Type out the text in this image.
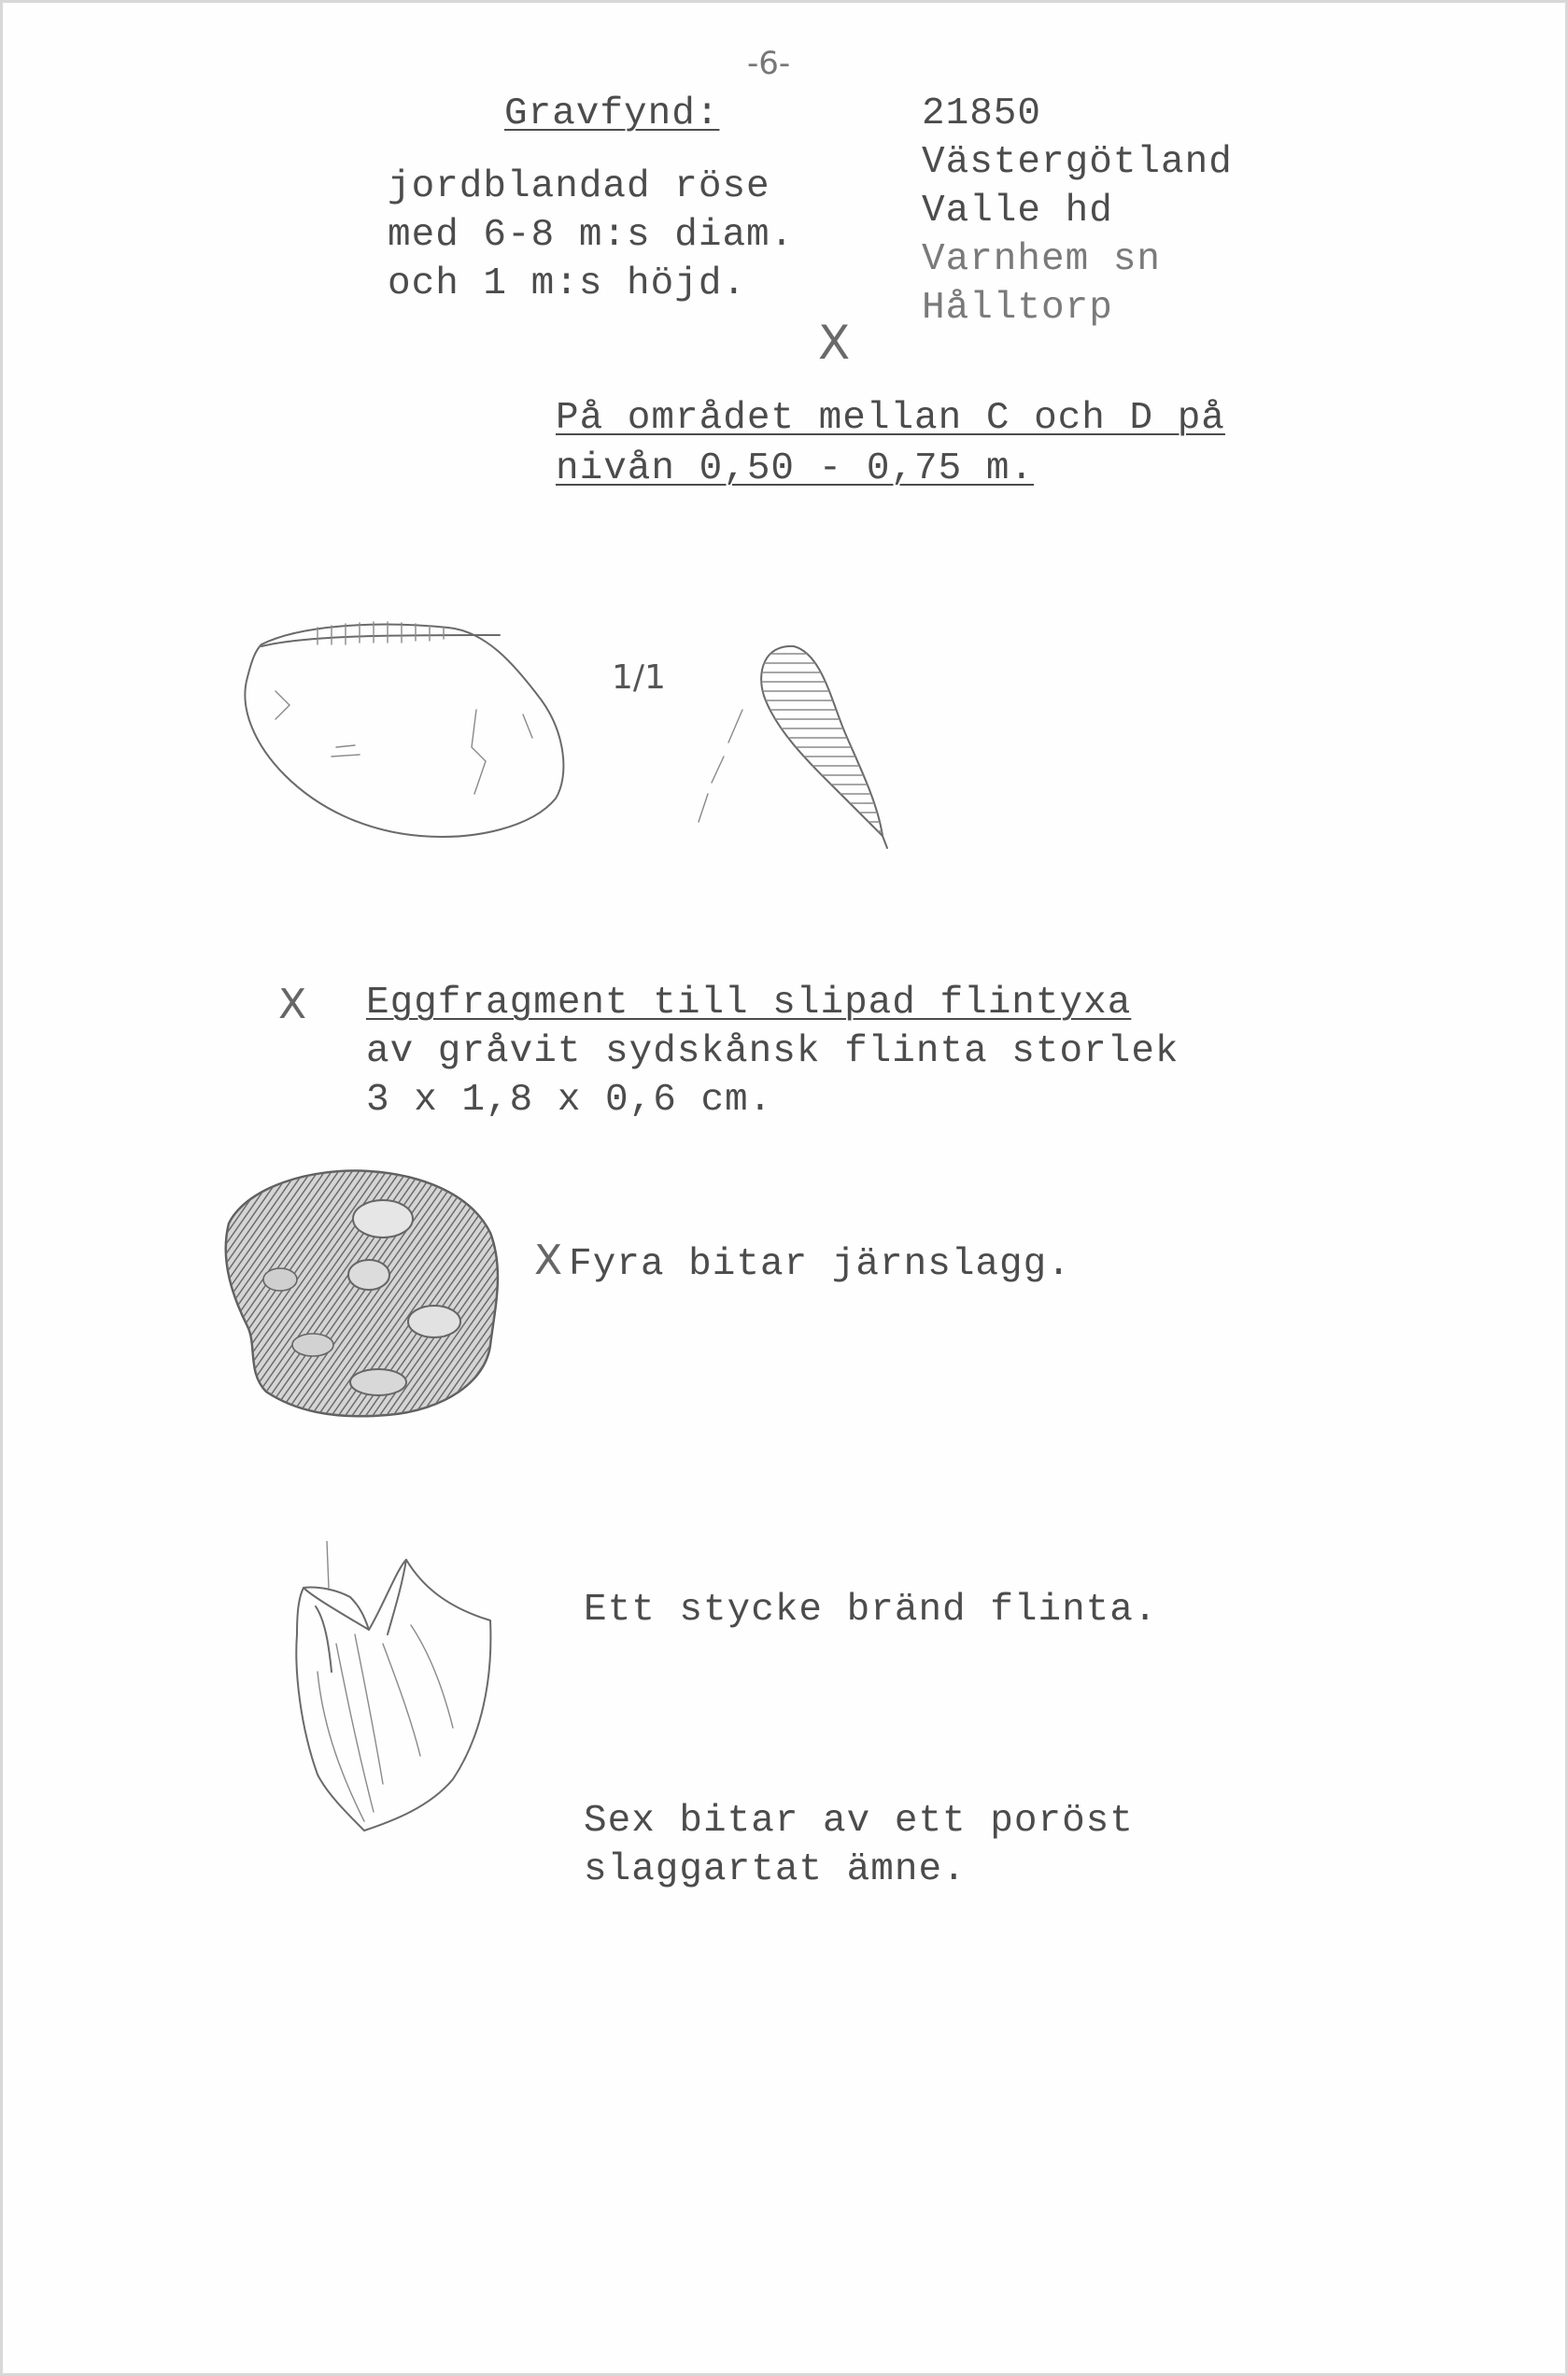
-6-
Gravfynd:
jordblandad röse
med 6-8 m:s diam.
och 1 m:s höjd.
21850
Västergötland
Valle hd
Varnhem sn
Hålltorp
X
På området mellan C och D på
nivån 0,50 - 0,75 m.
1/1
X Eggfragment till slipad flintyxa
av gråvit sydskånsk flinta storlek
3 x 1,8 x 0,6 cm.
X Fyra bitar järnslagg.
Ett stycke bränd flinta.
Sex bitar av ett poröst
slaggartat ämne.
